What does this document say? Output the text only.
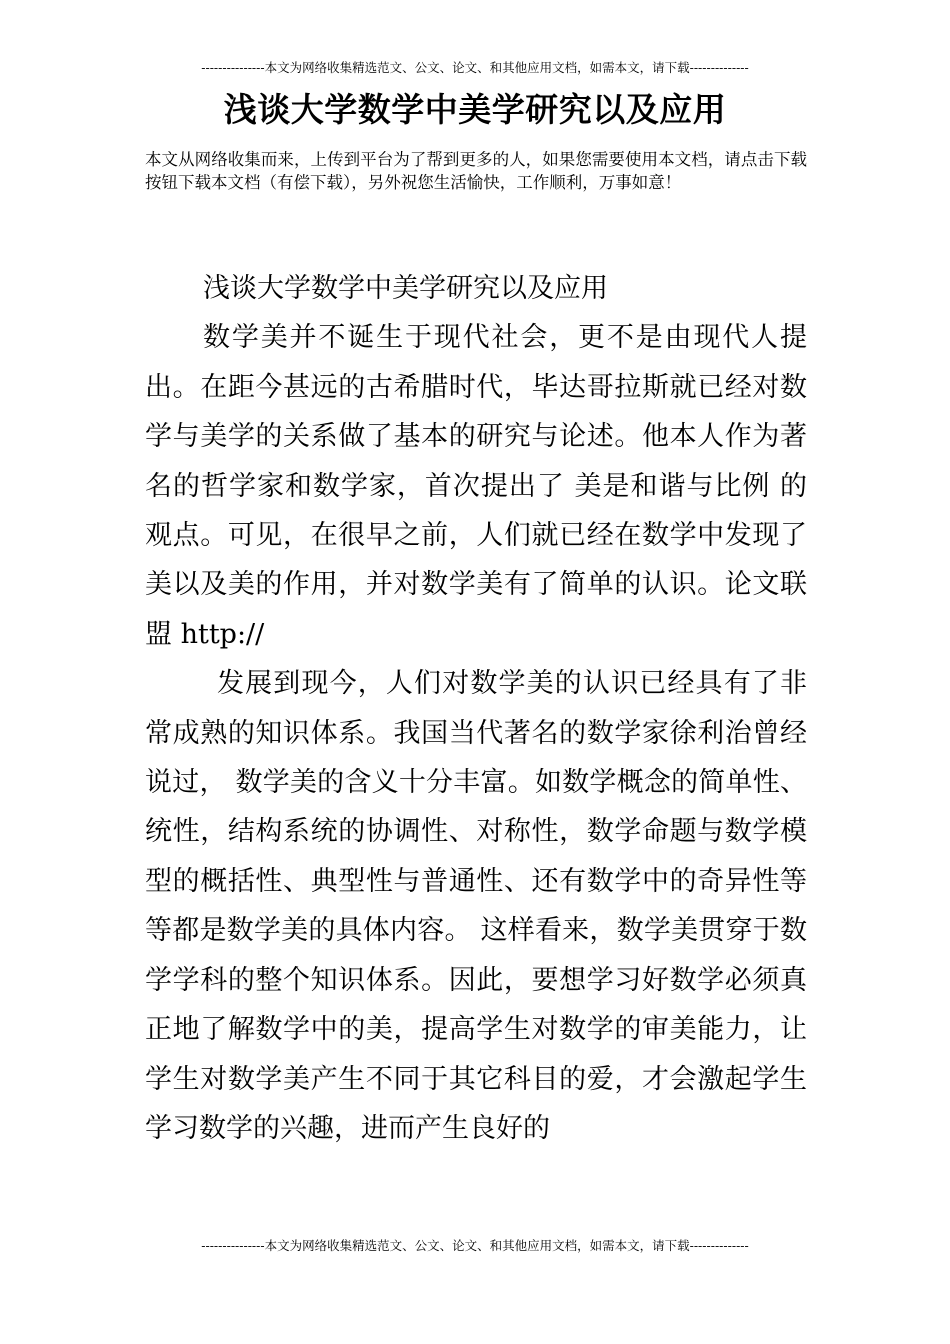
---------------本文为网络收集精选范文、公文、论文、和其他应用文档，如需本文，请下载--------------
浅谈大学数学中美学研究以及应用
本文从网络收集而来，上传到平台为了帮到更多的人，如果您需要使用本文档，请点击下载按钮下载本文档（有偿下载），另外祝您生活愉快，工作顺利，万事如意！

浅谈大学数学中美学研究以及应用

数学美并不诞生于现代社会，更不是由现代人提出。在距今甚远的古希腊时代，毕达哥拉斯就已经对数学与美学的关系做了基本的研究与论述。他本人作为著名的哲学家和数学家，首次提出了 美是和谐与比例 的观点。可见，在很早之前，人们就已经在数学中发现了美以及美的作用，并对数学美有了简单的认识。论文联盟 http://

发展到现今，人们对数学美的认识已经具有了非常成熟的知识体系。我国当代著名的数学家徐利治曾经说过， 数学美的含义十分丰富。如数学概念的简单性、统性，结构系统的协调性、对称性，数学命题与数学模型的概括性、典型性与普通性、还有数学中的奇异性等等都是数学美的具体内容。 这样看来，数学美贯穿于数学学科的整个知识体系。因此，要想学习好数学必须真正地了解数学中的美，提高学生对数学的审美能力，让学生对数学美产生不同于其它科目的爱，才会激起学生学习数学的兴趣，进而产生良好的

---------------本文为网络收集精选范文、公文、论文、和其他应用文档，如需本文，请下载--------------
